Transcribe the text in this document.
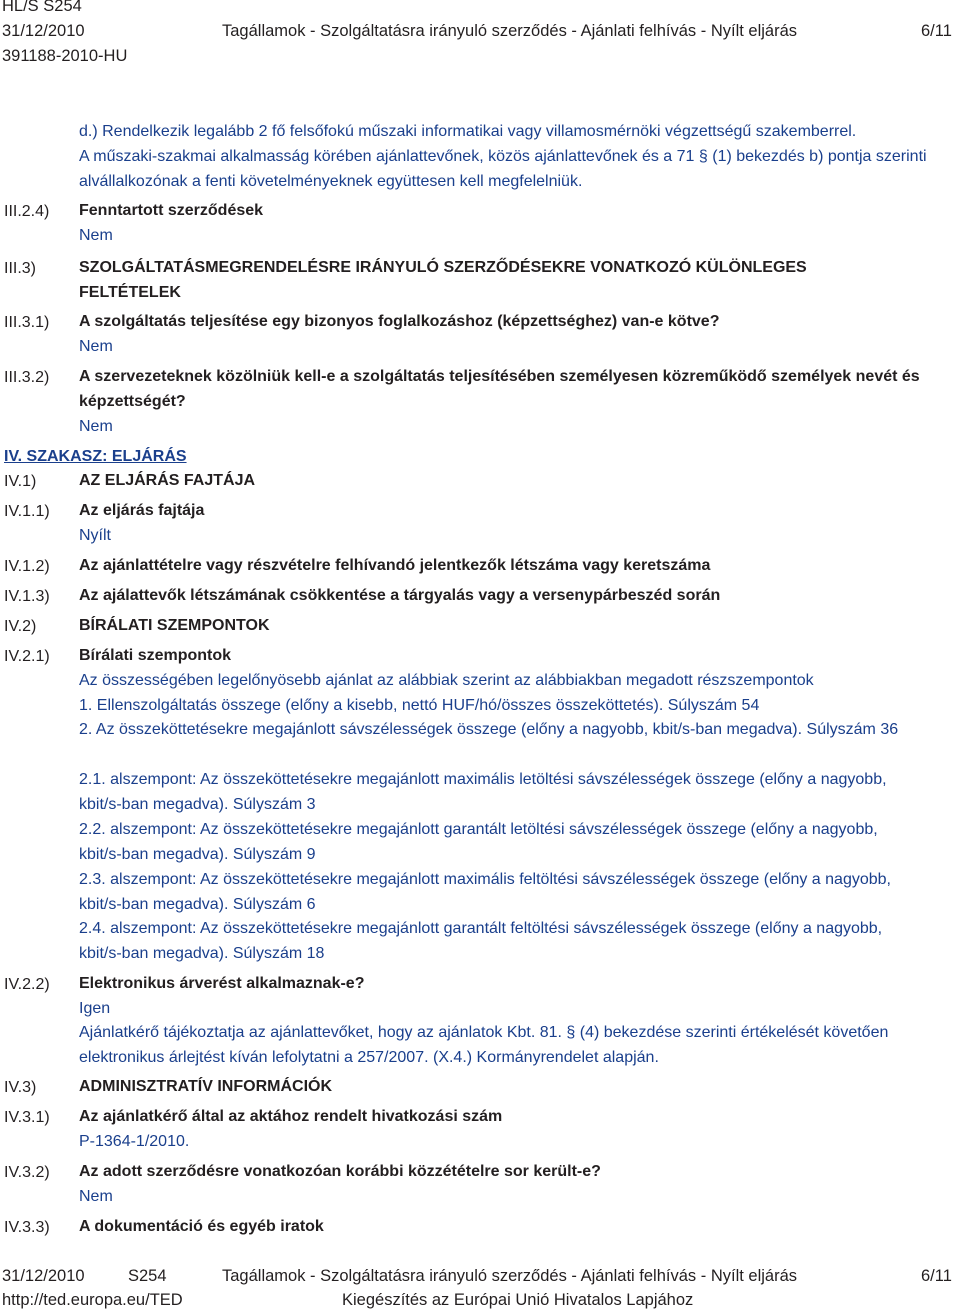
HL/S S254
31/12/2010	Tagállamok - Szolgáltatásra irányuló szerződés - Ajánlati felhívás - Nyílt eljárás	6/11
391188-2010-HU
d.) Rendelkezik legalább 2 fő felsőfokú műszaki informatikai vagy villamosmérnöki végzettségű szakemberrel.
A műszaki-szakmai alkalmasság körében ajánlattevőnek, közös ajánlattevőnek és a 71 § (1) bekezdés b) pontja szerinti alvállalkozónak a fenti követelményeknek együttesen kell megfelelniük.
III.2.4) Fenntartott szerződések
Nem
III.3)	SZOLGÁLTATÁSMEGRENDELÉSRE IRÁNYULÓ SZERZŐDÉSEKRE VONATKOZÓ KÜLÖNLEGES FELTÉTELEK
III.3.1) A szolgáltatás teljesítése egy bizonyos foglalkozáshoz (képzettséghez) van-e kötve?
Nem
III.3.2) A szervezeteknek közölniük kell-e a szolgáltatás teljesítésében személyesen közreműködő személyek nevét és képzettségét?
Nem
IV. SZAKASZ: ELJÁRÁS
IV.1)	AZ ELJÁRÁS FAJTÁJA
IV.1.1) Az eljárás fajtája
Nyílt
IV.1.2) Az ajánlattételre vagy részvételre felhívandó jelentkezők létszáma vagy keretszáma
IV.1.3) Az ajálattevők létszámának csökkentése a tárgyalás vagy a versenypárbeszéd során
IV.2)	BÍRÁLATI SZEMPONTOK
IV.2.1) Bírálati szempontok
Az összességében legelőnyösebb ajánlat az alábbiak szerint az alábbiakban megadott részszempontok
1. Ellenszolgáltatás összege (előny a kisebb, nettó HUF/hó/összes összeköttetés). Súlyszám 54
2. Az összeköttetésekre megajánlott sávszélességek összege (előny a nagyobb, kbit/s-ban megadva). Súlyszám 36
2.1. alszempont: Az összeköttetésekre megajánlott maximális letöltési sávszélességek összege (előny a nagyobb, kbit/s-ban megadva). Súlyszám 3
2.2. alszempont: Az összeköttetésekre megajánlott garantált letöltési sávszélességek összege (előny a nagyobb, kbit/s-ban megadva). Súlyszám 9
2.3. alszempont: Az összeköttetésekre megajánlott maximális feltöltési sávszélességek összege (előny a nagyobb, kbit/s-ban megadva). Súlyszám 6
2.4. alszempont: Az összeköttetésekre megajánlott garantált feltöltési sávszélességek összege (előny a nagyobb, kbit/s-ban megadva). Súlyszám 18
IV.2.2) Elektronikus árverést alkalmaznak-e?
Igen
Ajánlatkérő tájékoztatja az ajánlattevőket, hogy az ajánlatok Kbt. 81. § (4) bekezdése szerinti értékelését követően elektronikus árlejtést kíván lefolytatni a 257/2007. (X.4.) Kormányrendelet alapján.
IV.3)	ADMINISZTRATÍV INFORMÁCIÓK
IV.3.1) Az ajánlatkérő által az aktához rendelt hivatkozási szám
P-1364-1/2010.
IV.3.2) Az adott szerződésre vonatkozóan korábbi közzétételre sor került-e?
Nem
IV.3.3) A dokumentáció és egyéb iratok
31/12/2010	S254	Tagállamok - Szolgáltatásra irányuló szerződés - Ajánlati felhívás - Nyílt eljárás	6/11
http://ted.europa.eu/TED	Kiegészítés az Európai Unió Hivatalos Lapjához
